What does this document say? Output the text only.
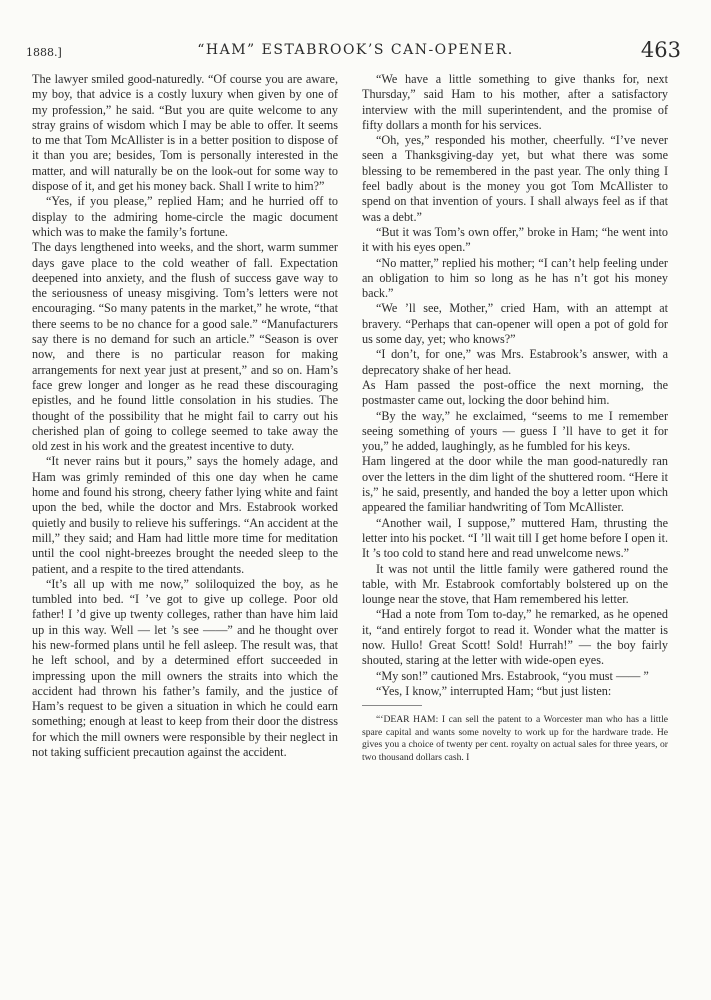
1888.]	“HAM” ESTABROOK’S CAN-OPENER.	463

The lawyer smiled good-naturedly. “Of course you are aware, my boy, that advice is a costly luxury when given by one of my profession,” he said. “But you are quite welcome to any stray grains of wisdom which I may be able to offer. It seems to me that Tom McAllister is in a better position to dispose of it than you are; besides, Tom is personally interested in the matter, and will naturally be on the look-out for some way to dispose of it, and get his money back. Shall I write to him?”

“Yes, if you please,” replied Ham; and he hurried off to display to the admiring home-circle the magic document which was to make the family’s fortune.

The days lengthened into weeks, and the short, warm summer days gave place to the cold weather of fall. Expectation deepened into anxiety, and the flush of success gave way to the seriousness of uneasy misgiving. Tom’s letters were not encouraging. “So many patents in the market,” he wrote, “that there seems to be no chance for a good sale.” “Manufacturers say there is no demand for such an article.” “Season is over now, and there is no particular reason for making arrangements for next year just at present,” and so on. Ham’s face grew longer and longer as he read these discouraging epistles, and he found little consolation in his studies. The thought of the possibility that he might fail to carry out his cherished plan of going to college seemed to take away the old zest in his work and the greatest incentive to duty.

“It never rains but it pours,” says the homely adage, and Ham was grimly reminded of this one day when he came home and found his strong, cheery father lying white and faint upon the bed, while the doctor and Mrs. Estabrook worked quietly and busily to relieve his sufferings. “An accident at the mill,” they said; and Ham had little more time for meditation until the cool night-breezes brought the needed sleep to the patient, and a respite to the tired attendants.

“It’s all up with me now,” soliloquized the boy, as he tumbled into bed. “I ’ve got to give up college. Poor old father! I ’d give up twenty colleges, rather than have him laid up in this way. Well — let ’s see ——” and he thought over his new-formed plans until he fell asleep. The result was, that he left school, and by a determined effort succeeded in impressing upon the mill owners the straits into which the accident had thrown his father’s family, and the justice of Ham’s request to be given a situation in which he could earn something; enough at least to keep from their door the distress for which the mill owners were responsible by their neglect in not taking sufficient precaution against the accident.

“We have a little something to give thanks for, next Thursday,” said Ham to his mother, after a satisfactory interview with the mill superintendent, and the promise of fifty dollars a month for his services.

“Oh, yes,” responded his mother, cheerfully. “I’ve never seen a Thanksgiving-day yet, but what there was some blessing to be remembered in the past year. The only thing I feel badly about is the money you got Tom McAllister to spend on that invention of yours. I shall always feel as if that was a debt.”

“But it was Tom’s own offer,” broke in Ham; “he went into it with his eyes open.”

“No matter,” replied his mother; “I can’t help feeling under an obligation to him so long as he has n’t got his money back.”

“We ’ll see, Mother,” cried Ham, with an attempt at bravery. “Perhaps that can-opener will open a pot of gold for us some day, yet; who knows?”

“I don’t, for one,” was Mrs. Estabrook’s answer, with a deprecatory shake of her head.

As Ham passed the post-office the next morning, the postmaster came out, locking the door behind him.

“By the way,” he exclaimed, “seems to me I remember seeing something of yours — guess I ’ll have to get it for you,” he added, laughingly, as he fumbled for his keys.

Ham lingered at the door while the man good-naturedly ran over the letters in the dim light of the shuttered room. “Here it is,” he said, presently, and handed the boy a letter upon which appeared the familiar handwriting of Tom McAllister.

“Another wail, I suppose,” muttered Ham, thrusting the letter into his pocket. “I ’ll wait till I get home before I open it. It ’s too cold to stand here and read unwelcome news.”

It was not until the little family were gathered round the table, with Mr. Estabrook comfortably bolstered up on the lounge near the stove, that Ham remembered his letter.

“Had a note from Tom to-day,” he remarked, as he opened it, “and entirely forgot to read it. Wonder what the matter is now. Hullo! Great Scott! Sold! Hurrah!” — the boy fairly shouted, staring at the letter with wide-open eyes.

“My son!” cautioned Mrs. Estabrook, “you must —— ”

“Yes, I know,” interrupted Ham; “but just listen:

“‘DEAR HAM: I can sell the patent to a Worcester man who has a little spare capital and wants some novelty to work up for the hardware trade. He gives you a choice of twenty per cent. royalty on actual sales for three years, or two thousand dollars cash. I
